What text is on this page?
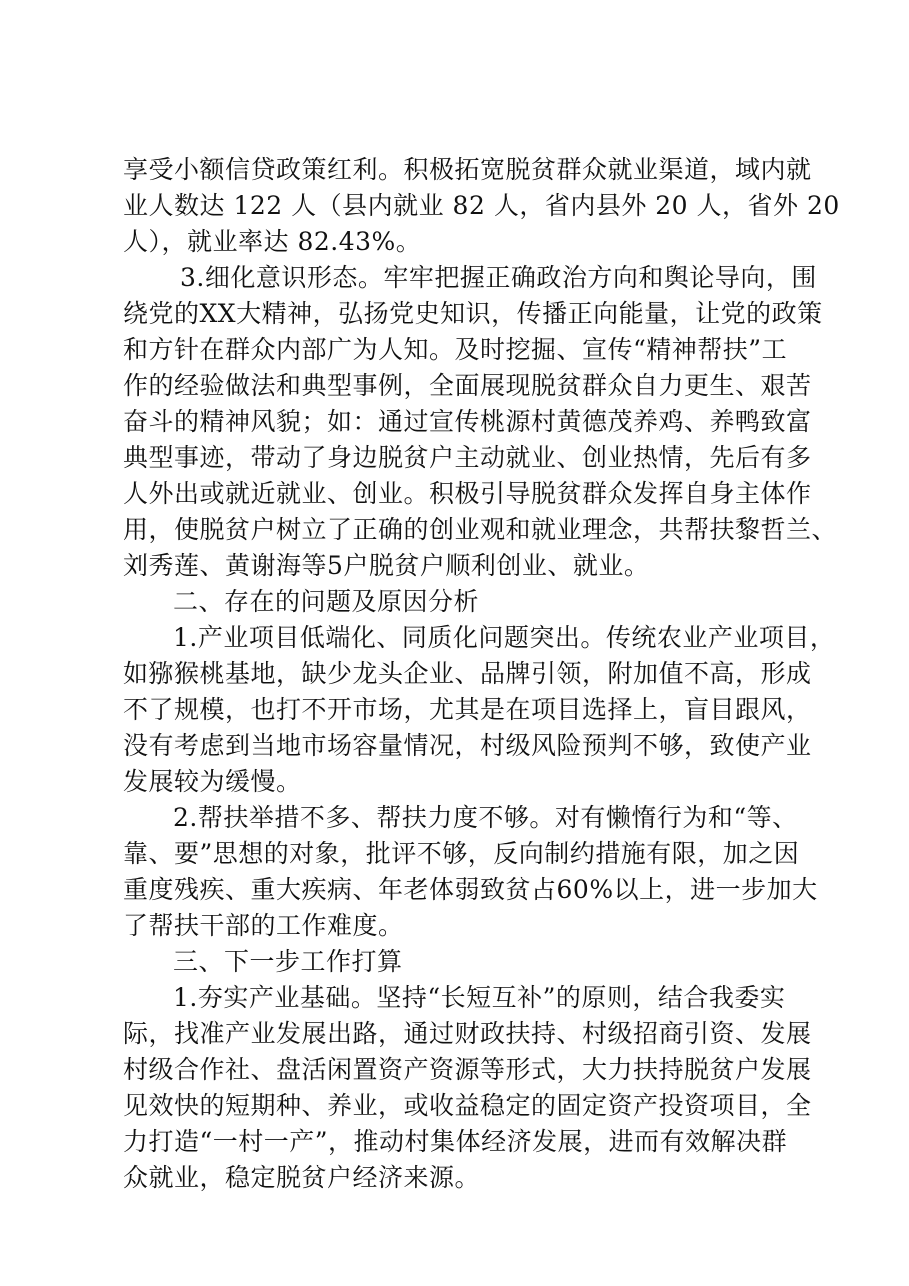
享受小额信贷政策红利。积极拓宽脱贫群众就业渠道，域内就
业人数达 122 人（县内就业 82 人，省内县外 20 人，省外 20
人），就业率达 82.43%。
3.细化意识形态。牢牢把握正确政治方向和舆论导向，围
绕党的XX大精神，弘扬党史知识，传播正向能量，让党的政策
和方针在群众内部广为人知。及时挖掘、宣传“精神帮扶”工
作的经验做法和典型事例，全面展现脱贫群众自力更生、艰苦
奋斗的精神风貌；如：通过宣传桃源村黄德茂养鸡、养鸭致富
典型事迹，带动了身边脱贫户主动就业、创业热情，先后有多
人外出或就近就业、创业。积极引导脱贫群众发挥自身主体作
用，使脱贫户树立了正确的创业观和就业理念，共帮扶黎哲兰、
刘秀莲、黄谢海等5户脱贫户顺利创业、就业。
二、存在的问题及原因分析
1.产业项目低端化、同质化问题突出。传统农业产业项目，
如猕猴桃基地，缺少龙头企业、品牌引领，附加值不高，形成
不了规模，也打不开市场，尤其是在项目选择上，盲目跟风，
没有考虑到当地市场容量情况，村级风险预判不够，致使产业
发展较为缓慢。
2.帮扶举措不多、帮扶力度不够。对有懒惰行为和“等、
靠、要”思想的对象，批评不够，反向制约措施有限，加之因
重度残疾、重大疾病、年老体弱致贫占60%以上，进一步加大
了帮扶干部的工作难度。
三、下一步工作打算
1.夯实产业基础。坚持“长短互补”的原则，结合我委实
际，找准产业发展出路，通过财政扶持、村级招商引资、发展
村级合作社、盘活闲置资产资源等形式，大力扶持脱贫户发展
见效快的短期种、养业，或收益稳定的固定资产投资项目，全
力打造“一村一产”，推动村集体经济发展，进而有效解决群
众就业，稳定脱贫户经济来源。
